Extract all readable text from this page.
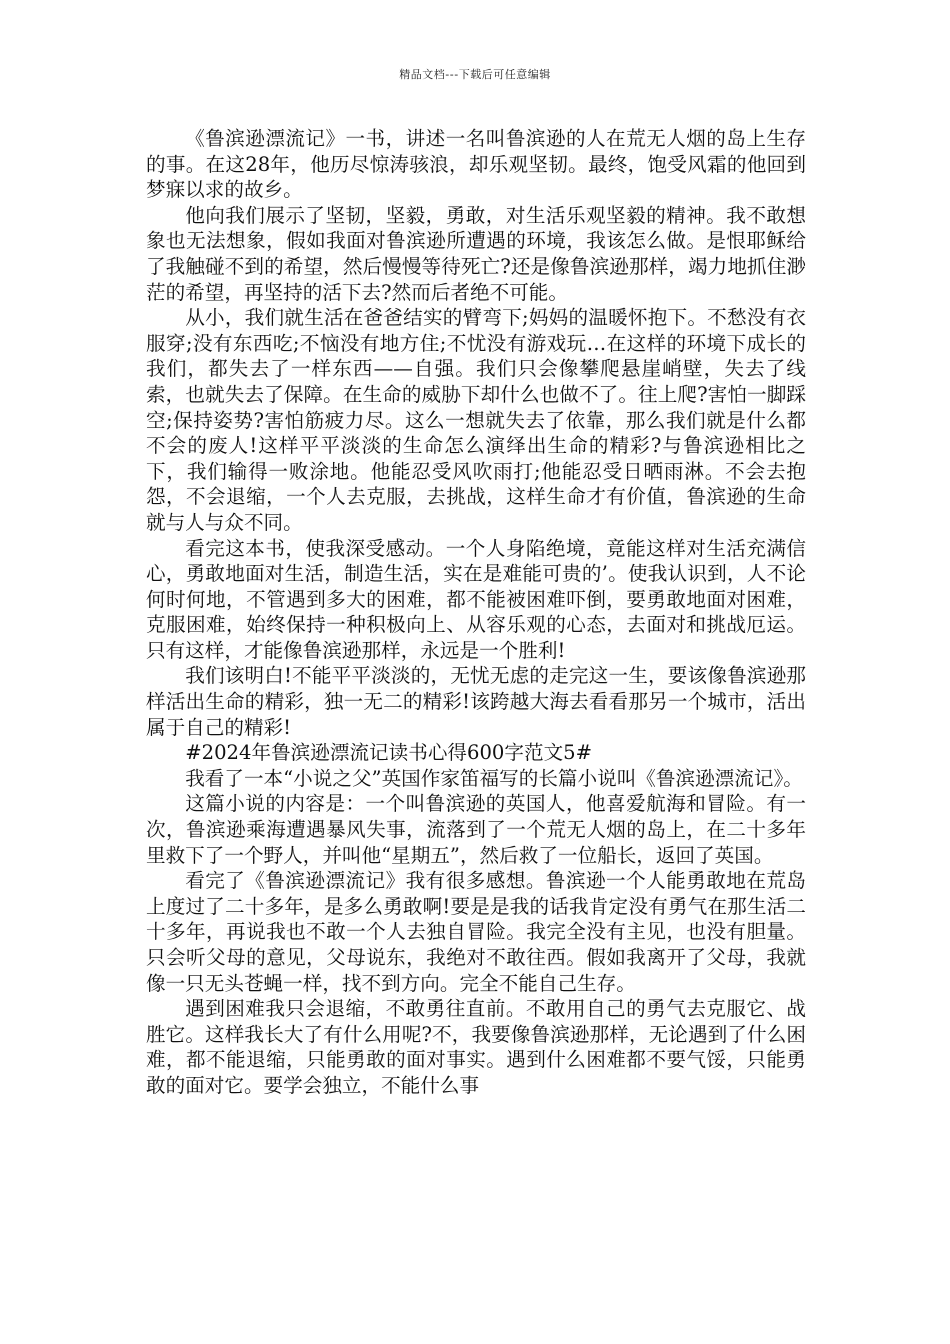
精品文档---下载后可任意编辑

《鲁滨逊漂流记》一书，讲述一名叫鲁滨逊的人在荒无人烟的岛上生存的事。在这28年，他历尽惊涛骇浪，却乐观坚韧。最终，饱受风霜的他回到梦寐以求的故乡。

他向我们展示了坚韧，坚毅，勇敢，对生活乐观坚毅的精神。我不敢想象也无法想象，假如我面对鲁滨逊所遭遇的环境，我该怎么做。是恨耶稣给了我触碰不到的希望，然后慢慢等待死亡?还是像鲁滨逊那样，竭力地抓住渺茫的希望，再坚持的活下去?然而后者绝不可能。

从小，我们就生活在爸爸结实的臂弯下;妈妈的温暖怀抱下。不愁没有衣服穿;没有东西吃;不恼没有地方住;不忧没有游戏玩…在这样的环境下成长的我们，都失去了一样东西——自强。我们只会像攀爬悬崖峭壁，失去了线索，也就失去了保障。在生命的威胁下却什么也做不了。往上爬?害怕一脚踩空;保持姿势?害怕筋疲力尽。这么一想就失去了依靠，那么我们就是什么都不会的废人!这样平平淡淡的生命怎么演绎出生命的精彩?与鲁滨逊相比之下，我们输得一败涂地。他能忍受风吹雨打;他能忍受日晒雨淋。不会去抱怨，不会退缩，一个人去克服，去挑战，这样生命才有价值，鲁滨逊的生命就与人与众不同。

看完这本书，使我深受感动。一个人身陷绝境，竟能这样对生活充满信心，勇敢地面对生活，制造生活，实在是难能可贵的’。使我认识到，人不论何时何地，不管遇到多大的困难，都不能被困难吓倒，要勇敢地面对困难，克服困难，始终保持一种积极向上、从容乐观的心态，去面对和挑战厄运。只有这样，才能像鲁滨逊那样，永远是一个胜利!

我们该明白!不能平平淡淡的，无忧无虑的走完这一生，要该像鲁滨逊那样活出生命的精彩，独一无二的精彩!该跨越大海去看看那另一个城市，活出属于自己的精彩!

#2024年鲁滨逊漂流记读书心得600字范文5#

我看了一本“小说之父”英国作家笛福写的长篇小说叫《鲁滨逊漂流记》。

这篇小说的内容是：一个叫鲁滨逊的英国人，他喜爱航海和冒险。有一次，鲁滨逊乘海遭遇暴风失事，流落到了一个荒无人烟的岛上，在二十多年里救下了一个野人，并叫他“星期五”，然后救了一位船长，返回了英国。

看完了《鲁滨逊漂流记》我有很多感想。鲁滨逊一个人能勇敢地在荒岛上度过了二十多年，是多么勇敢啊!要是是我的话我肯定没有勇气在那生活二十多年，再说我也不敢一个人去独自冒险。我完全没有主见，也没有胆量。只会听父母的意见，父母说东，我绝对不敢往西。假如我离开了父母，我就像一只无头苍蝇一样，找不到方向。完全不能自己生存。

遇到困难我只会退缩，不敢勇往直前。不敢用自己的勇气去克服它、战胜它。这样我长大了有什么用呢?不，我要像鲁滨逊那样，无论遇到了什么困难，都不能退缩，只能勇敢的面对事实。遇到什么困难都不要气馁，只能勇敢的面对它。要学会独立，不能什么事
